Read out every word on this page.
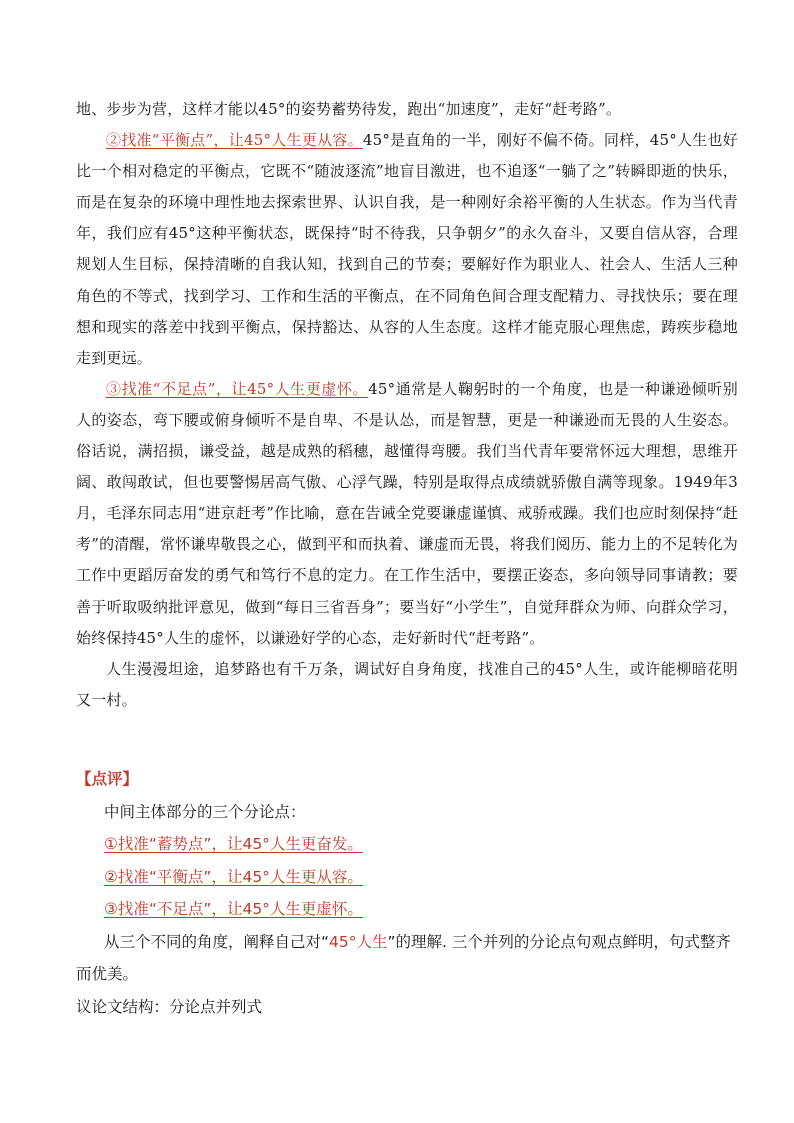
地、步步为营，这样才能以45°的姿势蓄势待发，跑出“加速度”，走好“赶考路”。

②找准“平衡点”，让45°人生更从容。45°是直角的一半，刚好不偏不倚。同样，45°人生也好比一个相对稳定的平衡点，它既不“随波逐流”地盲目激进，也不追逐“一躺了之”转瞬即逝的快乐，而是在复杂的环境中理性地去探索世界、认识自我，是一种刚好余裕平衡的人生状态。作为当代青年，我们应有45°这种平衡状态，既保持“时不待我，只争朝夕”的永久奋斗，又要自信从容，合理规划人生目标，保持清晰的自我认知，找到自己的节奏；要解好作为职业人、社会人、生活人三种角色的不等式，找到学习、工作和生活的平衡点，在不同角色间合理支配精力、寻找快乐；要在理想和现实的落差中找到平衡点，保持豁达、从容的人生态度。这样才能克服心理焦虑，踌疾步稳地走到更远。

③找准“不足点”，让45°人生更虚怀。45°通常是人鞠躬时的一个角度，也是一种谦逊倾听别人的姿态，弯下腰或俯身倾听不是自卑、不是认怂，而是智慧，更是一种谦逊而无畏的人生姿态。俗话说，满招损，谦受益，越是成熟的稻穗，越懂得弯腰。我们当代青年要常怀远大理想，思维开阔、敢闯敢试，但也要警惕居高气傲、心浮气躁，特别是取得点成绩就骄傲自满等现象。1949年3月，毛泽东同志用“进京赶考”作比喻，意在告诫全党要谦虚谨慎、戒骄戒躁。我们也应时刻保持“赶考”的清醒，常怀谦卑敬畏之心，做到平和而执着、谦虚而无畏，将我们阅历、能力上的不足转化为工作中更蹈厉奋发的勇气和笃行不息的定力。在工作生活中，要摆正姿态，多向领导同事请教；要善于听取吸纳批评意见，做到“每日三省吾身”；要当好“小学生”，自觉拜群众为师、向群众学习，始终保持45°人生的虚怀，以谦逊好学的心态，走好新时代“赶考路”。

人生漫漫坦途，追梦路也有千万条，调试好自身角度，找准自己的45°人生，或许能柳暗花明又一村。

【点评】

中间主体部分的三个分论点：

①找准“蓄势点”，让45°人生更奋发。

②找准“平衡点”，让45°人生更从容。

③找准“不足点”，让45°人生更虚怀。

从三个不同的角度，阐释自己对“45°人生”的理解. 三个并列的分论点句观点鲜明，句式整齐而优美。

议论文结构：分论点并列式
